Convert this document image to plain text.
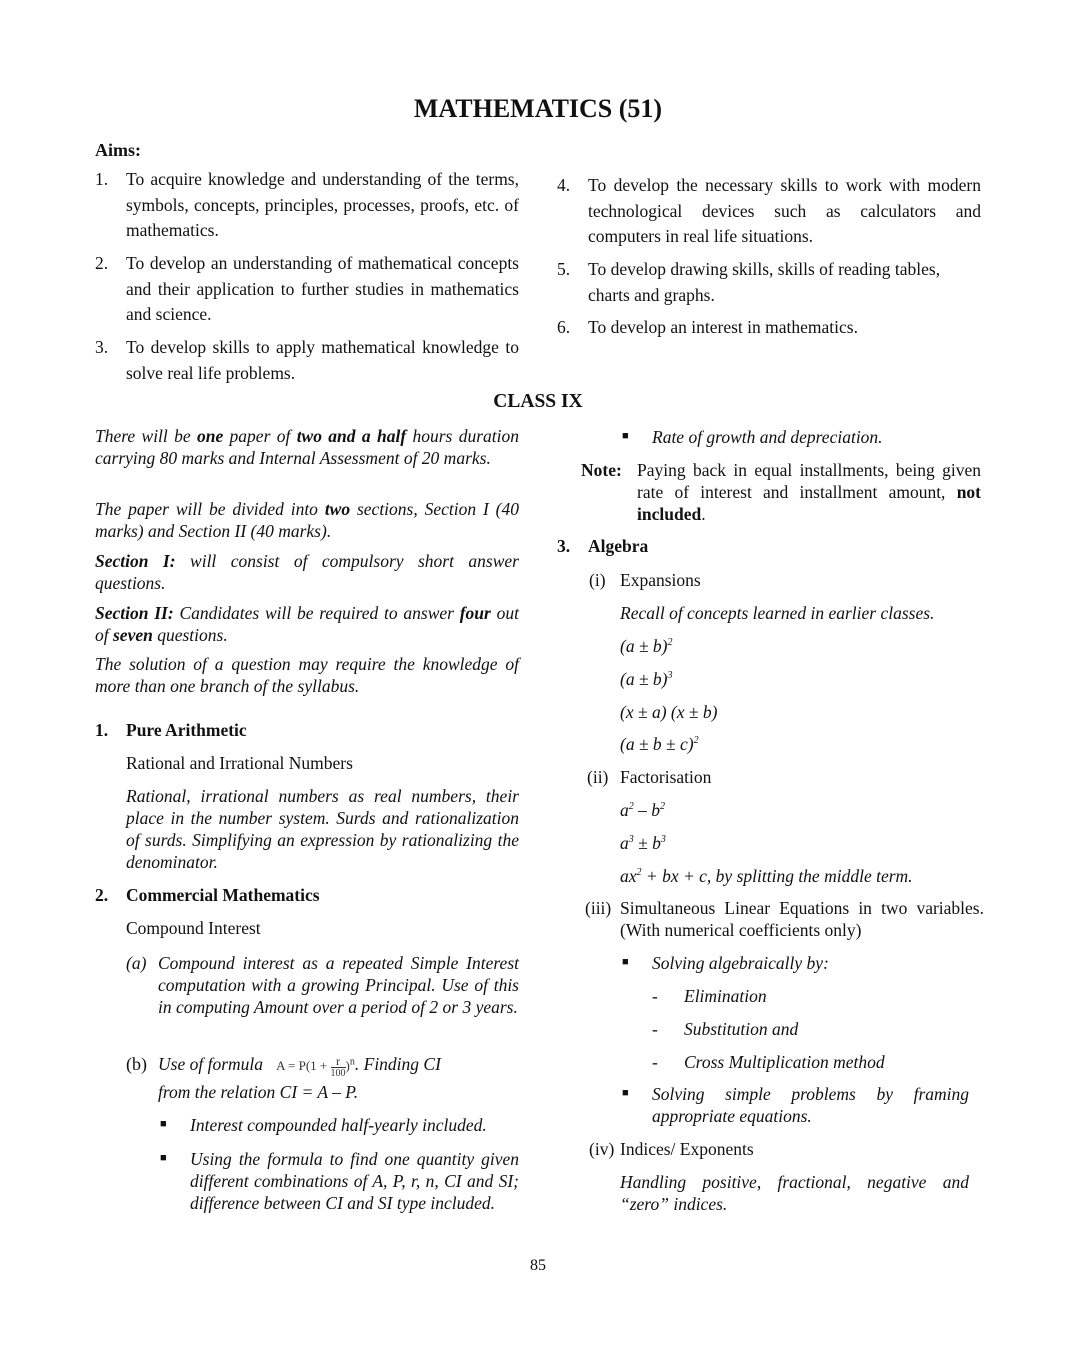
MATHEMATICS (51)
Aims:
1. To acquire knowledge and understanding of the terms, symbols, concepts, principles, processes, proofs, etc. of mathematics.
2. To develop an understanding of mathematical concepts and their application to further studies in mathematics and science.
3. To develop skills to apply mathematical knowledge to solve real life problems.
4. To develop the necessary skills to work with modern technological devices such as calculators and computers in real life situations.
5. To develop drawing skills, skills of reading tables, charts and graphs.
6. To develop an interest in mathematics.
CLASS IX
There will be one paper of two and a half hours duration carrying 80 marks and Internal Assessment of 20 marks.
The paper will be divided into two sections, Section I (40 marks) and Section II (40 marks).
Section I: will consist of compulsory short answer questions.
Section II: Candidates will be required to answer four out of seven questions.
The solution of a question may require the knowledge of more than one branch of the syllabus.
1. Pure Arithmetic
Rational and Irrational Numbers
Rational, irrational numbers as real numbers, their place in the number system. Surds and rationalization of surds. Simplifying an expression by rationalizing the denominator.
2. Commercial Mathematics
Compound Interest
(a) Compound interest as a repeated Simple Interest computation with a growing Principal. Use of this in computing Amount over a period of 2 or 3 years.
(b) Use of formula $A = P(1 + \frac{r}{100} )^n$. Finding CI
from the relation CI = A – P.
■ Interest compounded half-yearly included.
■ Using the formula to find one quantity given different combinations of A, P, r, n, CI and SI; difference between CI and SI type included.
■ Rate of growth and depreciation.
Note: Paying back in equal installments, being given rate of interest and installment amount, not included.
3. Algebra
(i) Expansions
Recall of concepts learned in earlier classes.
$(a \pm b)^2$
$(a \pm b)^3$
(x ± a) (x ± b)
$(a \pm b \pm c)^2$
(ii) Factorisation
$a^2 - b^2$
$a^3 \pm b^3$
$ax^2$ + bx + c, by splitting the middle term.
(iii) Simultaneous Linear Equations in two variables. (With numerical coefficients only)
■ Solving algebraically by:
- Elimination
- Substitution and
- Cross Multiplication method
■ Solving simple problems by framing appropriate equations.
(iv) Indices/ Exponents
Handling positive, fractional, negative and “zero” indices.
85
